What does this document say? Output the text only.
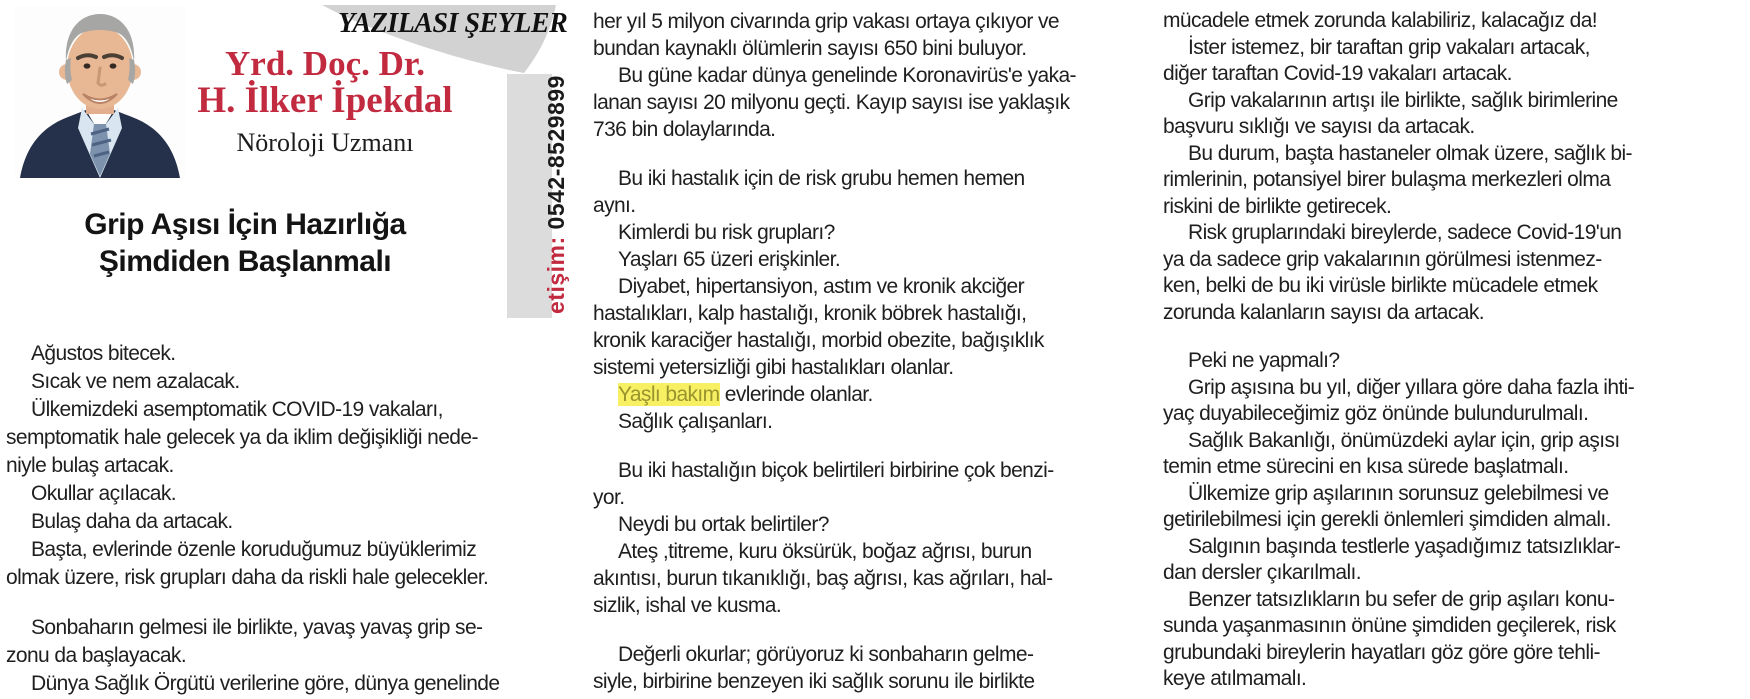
YAZILASI ŞEYLER
Yrd. Doç. Dr.
H. İlker İpekdal
Nöroloji Uzmanı
Grip Aşısı İçin Hazırlığa
Şimdiden Başlanmalı	etişim: 0542-8529899
Ağustos bitecek.
Sıcak ve nem azalacak.
Ülkemizdeki asemptomatik COVID-19 vakaları,
semptomatik hale gelecek ya da iklim değişikliği nede-
niyle bulaş artacak.
Okullar açılacak.
Bulaş daha da artacak.
Başta, evlerinde özenle koruduğumuz büyüklerimiz
olmak üzere, risk grupları daha da riskli hale gelecekler.
Sonbaharın gelmesi ile birlikte, yavaş yavaş grip se-
zonu da başlayacak.
Dünya Sağlık Örgütü verilerine göre, dünya genelinde
her yıl 5 milyon civarında grip vakası ortaya çıkıyor ve
bundan kaynaklı ölümlerin sayısı 650 bini buluyor.
Bu güne kadar dünya genelinde Koronavirüs'e yaka-
lanan sayısı 20 milyonu geçti. Kayıp sayısı ise yaklaşık
736 bin dolaylarında.
Bu iki hastalık için de risk grubu hemen hemen
aynı.
Kimlerdi bu risk grupları?
Yaşları 65 üzeri erişkinler.
Diyabet, hipertansiyon, astım ve kronik akciğer
hastalıkları, kalp hastalığı, kronik böbrek hastalığı,
kronik karaciğer hastalığı, morbid obezite, bağışıklık
sistemi yetersizliği gibi hastalıkları olanlar.
Yaşlı bakım evlerinde olanlar.
Sağlık çalışanları.
Bu iki hastalığın biçok belirtileri birbirine çok benzi-
yor.
Neydi bu ortak belirtiler?
Ateş ,titreme, kuru öksürük, boğaz ağrısı, burun
akıntısı, burun tıkanıklığı, baş ağrısı, kas ağrıları, hal-
sizlik, ishal ve kusma.
Değerli okurlar; görüyoruz ki sonbaharın gelme-
siyle, birbirine benzeyen iki sağlık sorunu ile birlikte
mücadele etmek zorunda kalabiliriz, kalacağız da!
İster istemez, bir taraftan grip vakaları artacak,
diğer taraftan Covid-19 vakaları artacak.
Grip vakalarının artışı ile birlikte, sağlık birimlerine
başvuru sıklığı ve sayısı da artacak.
Bu durum, başta hastaneler olmak üzere, sağlık bi-
rimlerinin, potansiyel birer bulaşma merkezleri olma
riskini de birlikte getirecek.
Risk gruplarındaki bireylerde, sadece Covid-19'un
ya da sadece grip vakalarının görülmesi istenmez-
ken, belki de bu iki virüsle birlikte mücadele etmek
zorunda kalanların sayısı da artacak.
Peki ne yapmalı?
Grip aşısına bu yıl, diğer yıllara göre daha fazla ihti-
yaç duyabileceğimiz göz önünde bulundurulmalı.
Sağlık Bakanlığı, önümüzdeki aylar için, grip aşısı
temin etme sürecini en kısa sürede başlatmalı.
Ülkemize grip aşılarının sorunsuz gelebilmesi ve
getirilebilmesi için gerekli önlemleri şimdiden almalı.
Salgının başında testlerle yaşadığımız tatsızlıklar-
dan dersler çıkarılmalı.
Benzer tatsızlıkların bu sefer de grip aşıları konu-
sunda yaşanmasının önüne şimdiden geçilerek, risk
grubundaki bireylerin hayatları göz göre göre tehli-
keye atılmamalı.
